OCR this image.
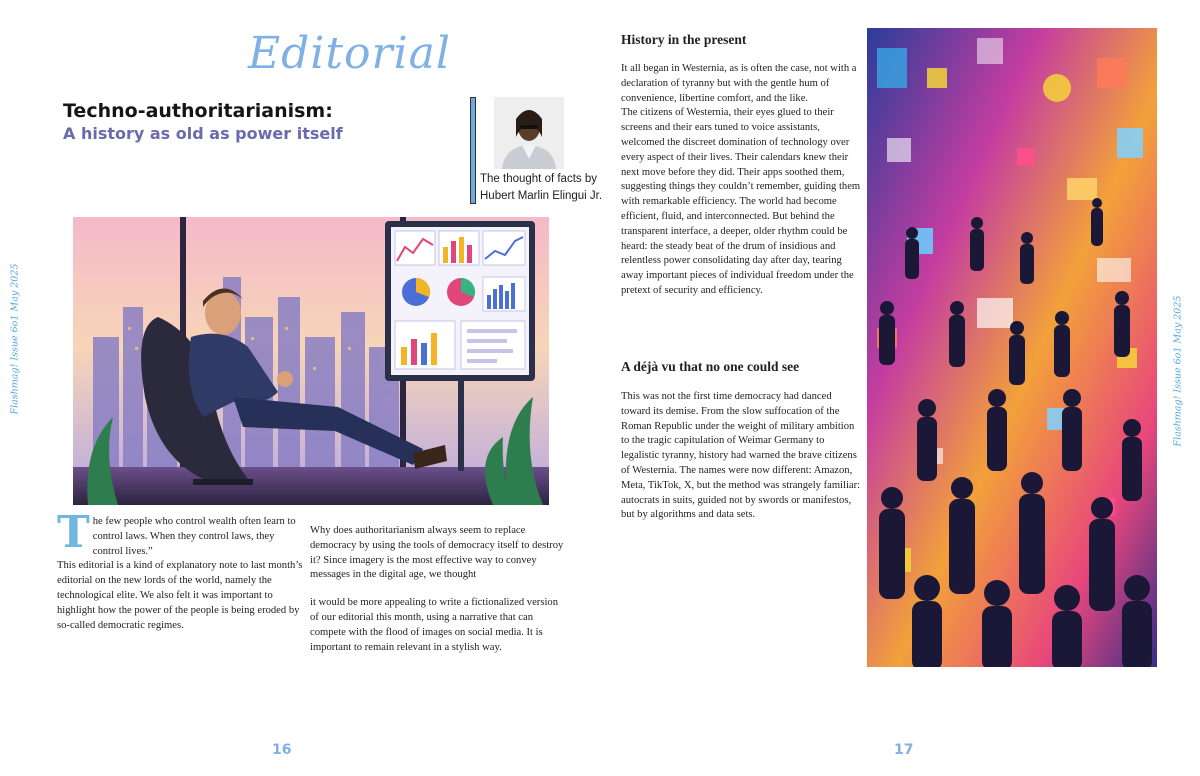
Editorial
Techno-authoritarianism:
A history as old as power itself
The thought of facts by
Hubert Marlin Elingui Jr.

The few people who control wealth often learn to control laws. When they control laws, they control lives.”

This editorial is a kind of explanatory note to last month’s editorial on the new lords of the world, namely the technological elite. We also felt it was important to highlight how the power of the people is being eroded by so-called democratic regimes.

Why does authoritarianism always seem to replace democracy by using the tools of democracy itself to destroy it? Since imagery is the most effective way to convey messages in the digital age, we thought

it would be more appealing to write a fictionalized version of our editorial this month, using a narrative that can compete with the flood of images on social media. It is important to remain relevant in a stylish way.

Flashmag! Issue 6o1 May 2025
16
History in the present

It all began in Westernia, as is often the case, not with a declaration of tyranny but with the gentle hum of convenience, libertine comfort, and the like.

The citizens of Westernia, their eyes glued to their screens and their ears tuned to voice assistants, welcomed the discreet domination of technology over every aspect of their lives. Their calendars knew their next move before they did. Their apps soothed them, suggesting things they couldn’t remember, guiding them with remarkable efficiency. The world had become efficient, fluid, and interconnected. But behind the transparent interface, a deeper, older rhythm could be heard: the steady beat of the drum of insidious and relentless power consolidating day after day, tearing away important pieces of individual freedom under the pretext of security and efficiency.

A déjà vu that no one could see

This was not the first time democracy had danced toward its demise. From the slow suffocation of the Roman Republic under the weight of military ambition to the tragic capitulation of Weimar Germany to legalistic tyranny, history had warned the brave citizens of Westernia. The names were now different: Amazon, Meta, TikTok, X, but the method was strangely familiar: autocrats in suits, guided not by swords or manifestos, but by algorithms and data sets.

Flashmag! Issue 6o1 May 2025
17
